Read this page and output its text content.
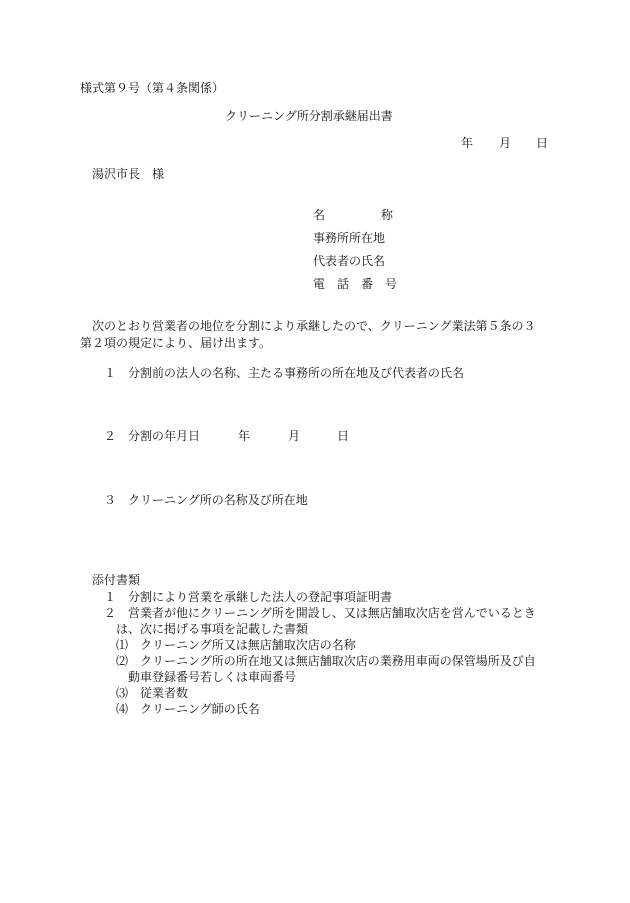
様式第９号（第４条関係）
クリーニング所分割承継届出書
年 月 日
湯沢市長　様
名　　　称
事務所所在地
代表者の氏名
電　話　番　号
次のとおり営業者の地位を分割により承継したので、クリーニング業法第５条の３
第２項の規定により、届け出ます。
１ 分割前の法人の名称、主たる事務所の所在地及び代表者の氏名
２ 分割の年月日	年	月	日
３ クリーニング所の名称及び所在地
添付書類
１ 分割により営業を承継した法人の登記事項証明書
２ 営業者が他にクリーニング所を開設し、又は無店舗取次店を営んでいるとき
は、次に掲げる事項を記載した書類
⑴ クリーニング所又は無店舗取次店の名称
⑵ クリーニング所の所在地又は無店舗取次店の業務用車両の保管場所及び自
動車登録番号若しくは車両番号
⑶ 従業者数
⑷ クリーニング師の氏名
